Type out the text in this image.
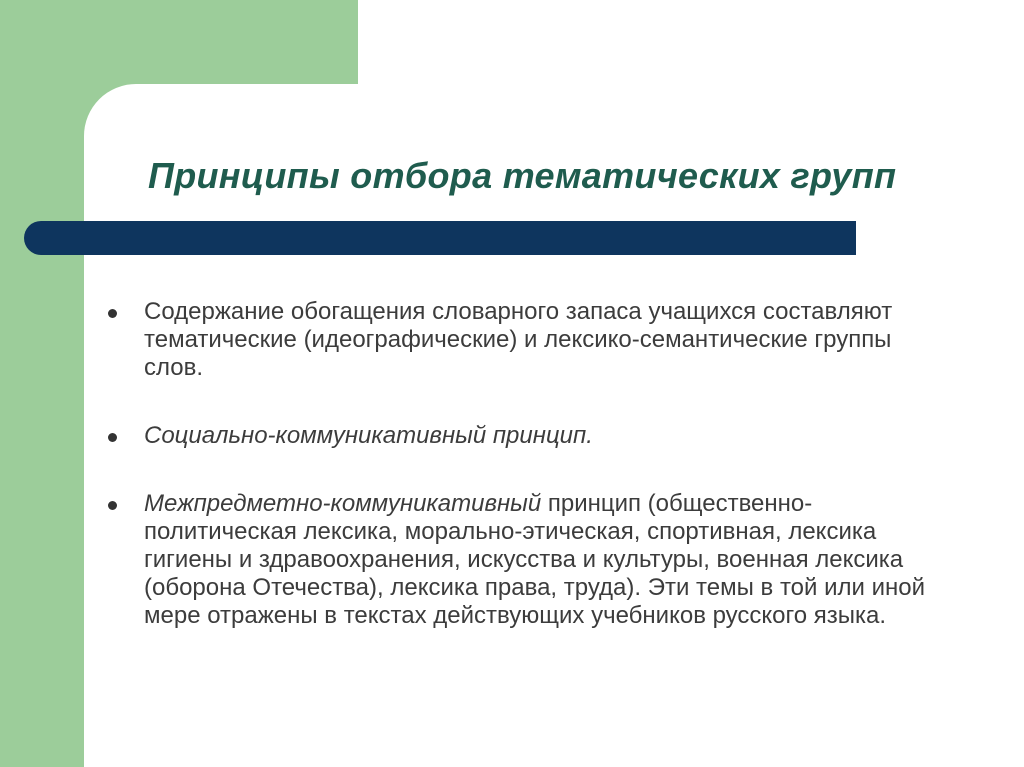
Принципы отбора тематических групп
Содержание обогащения словарного запаса учащихся составляют тематические (идеографические) и лексико-семантические группы слов.
Социально-коммуникативный принцип.
Межпредметно-коммуникативный принцип (общественно-политическая лексика, морально-этическая, спортивная, лексика гигиены и здравоохранения, искусства и культуры, военная лексика (оборона Отечества), лексика права, труда). Эти темы в той или иной мере отражены в текстах действующих учебников русского языка.
